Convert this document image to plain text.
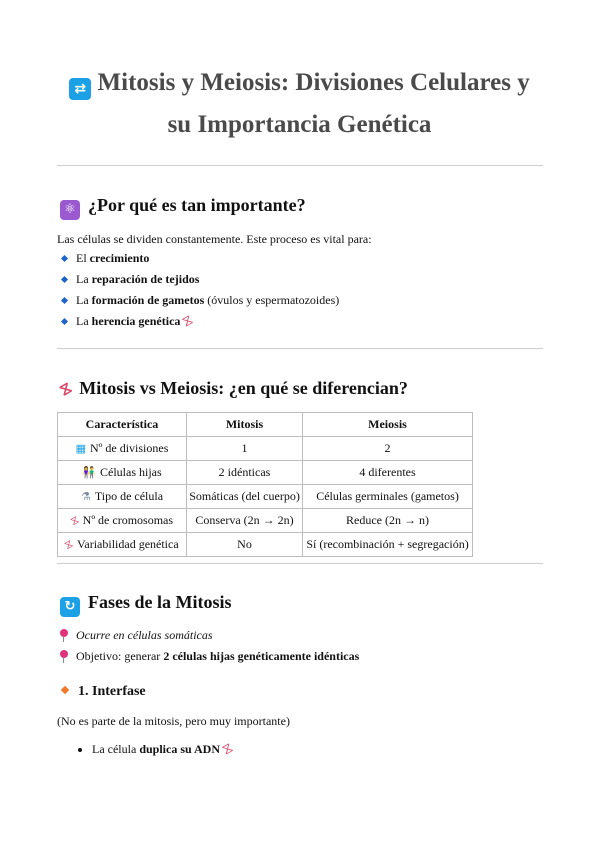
⇄ Mitosis y Meiosis: Divisiones Celulares y
su Importancia Genética
⚛ ¿Por qué es tan importante?

Las células se dividen constantemente. Este proceso es vital para:

El crecimiento
La reparación de tejidos
La formación de gametos (óvulos y espermatozoides)
La herencia genética ⧖
⧖ Mitosis vs Meiosis: ¿en qué se diferencian?
Característica	Mitosis	Meiosis
▦ Nº de divisiones	1	2
👫 Células hijas	2 idénticas	4 diferentes
⚗ Tipo de célula	Somáticas (del cuerpo)	Células germinales (gametos)
⧖ Nº de cromosomas	Conserva (2n → 2n)	Reduce (2n → n)
⧖ Variabilidad genética	No	Sí (recombinación + segregación)
↻ Fases de la Mitosis
Ocurre en células somáticas
Objetivo: generar 2 células hijas genéticamente idénticas
1. Interfase

(No es parte de la mitosis, pero muy importante)

La célula duplica su ADN ⧖
